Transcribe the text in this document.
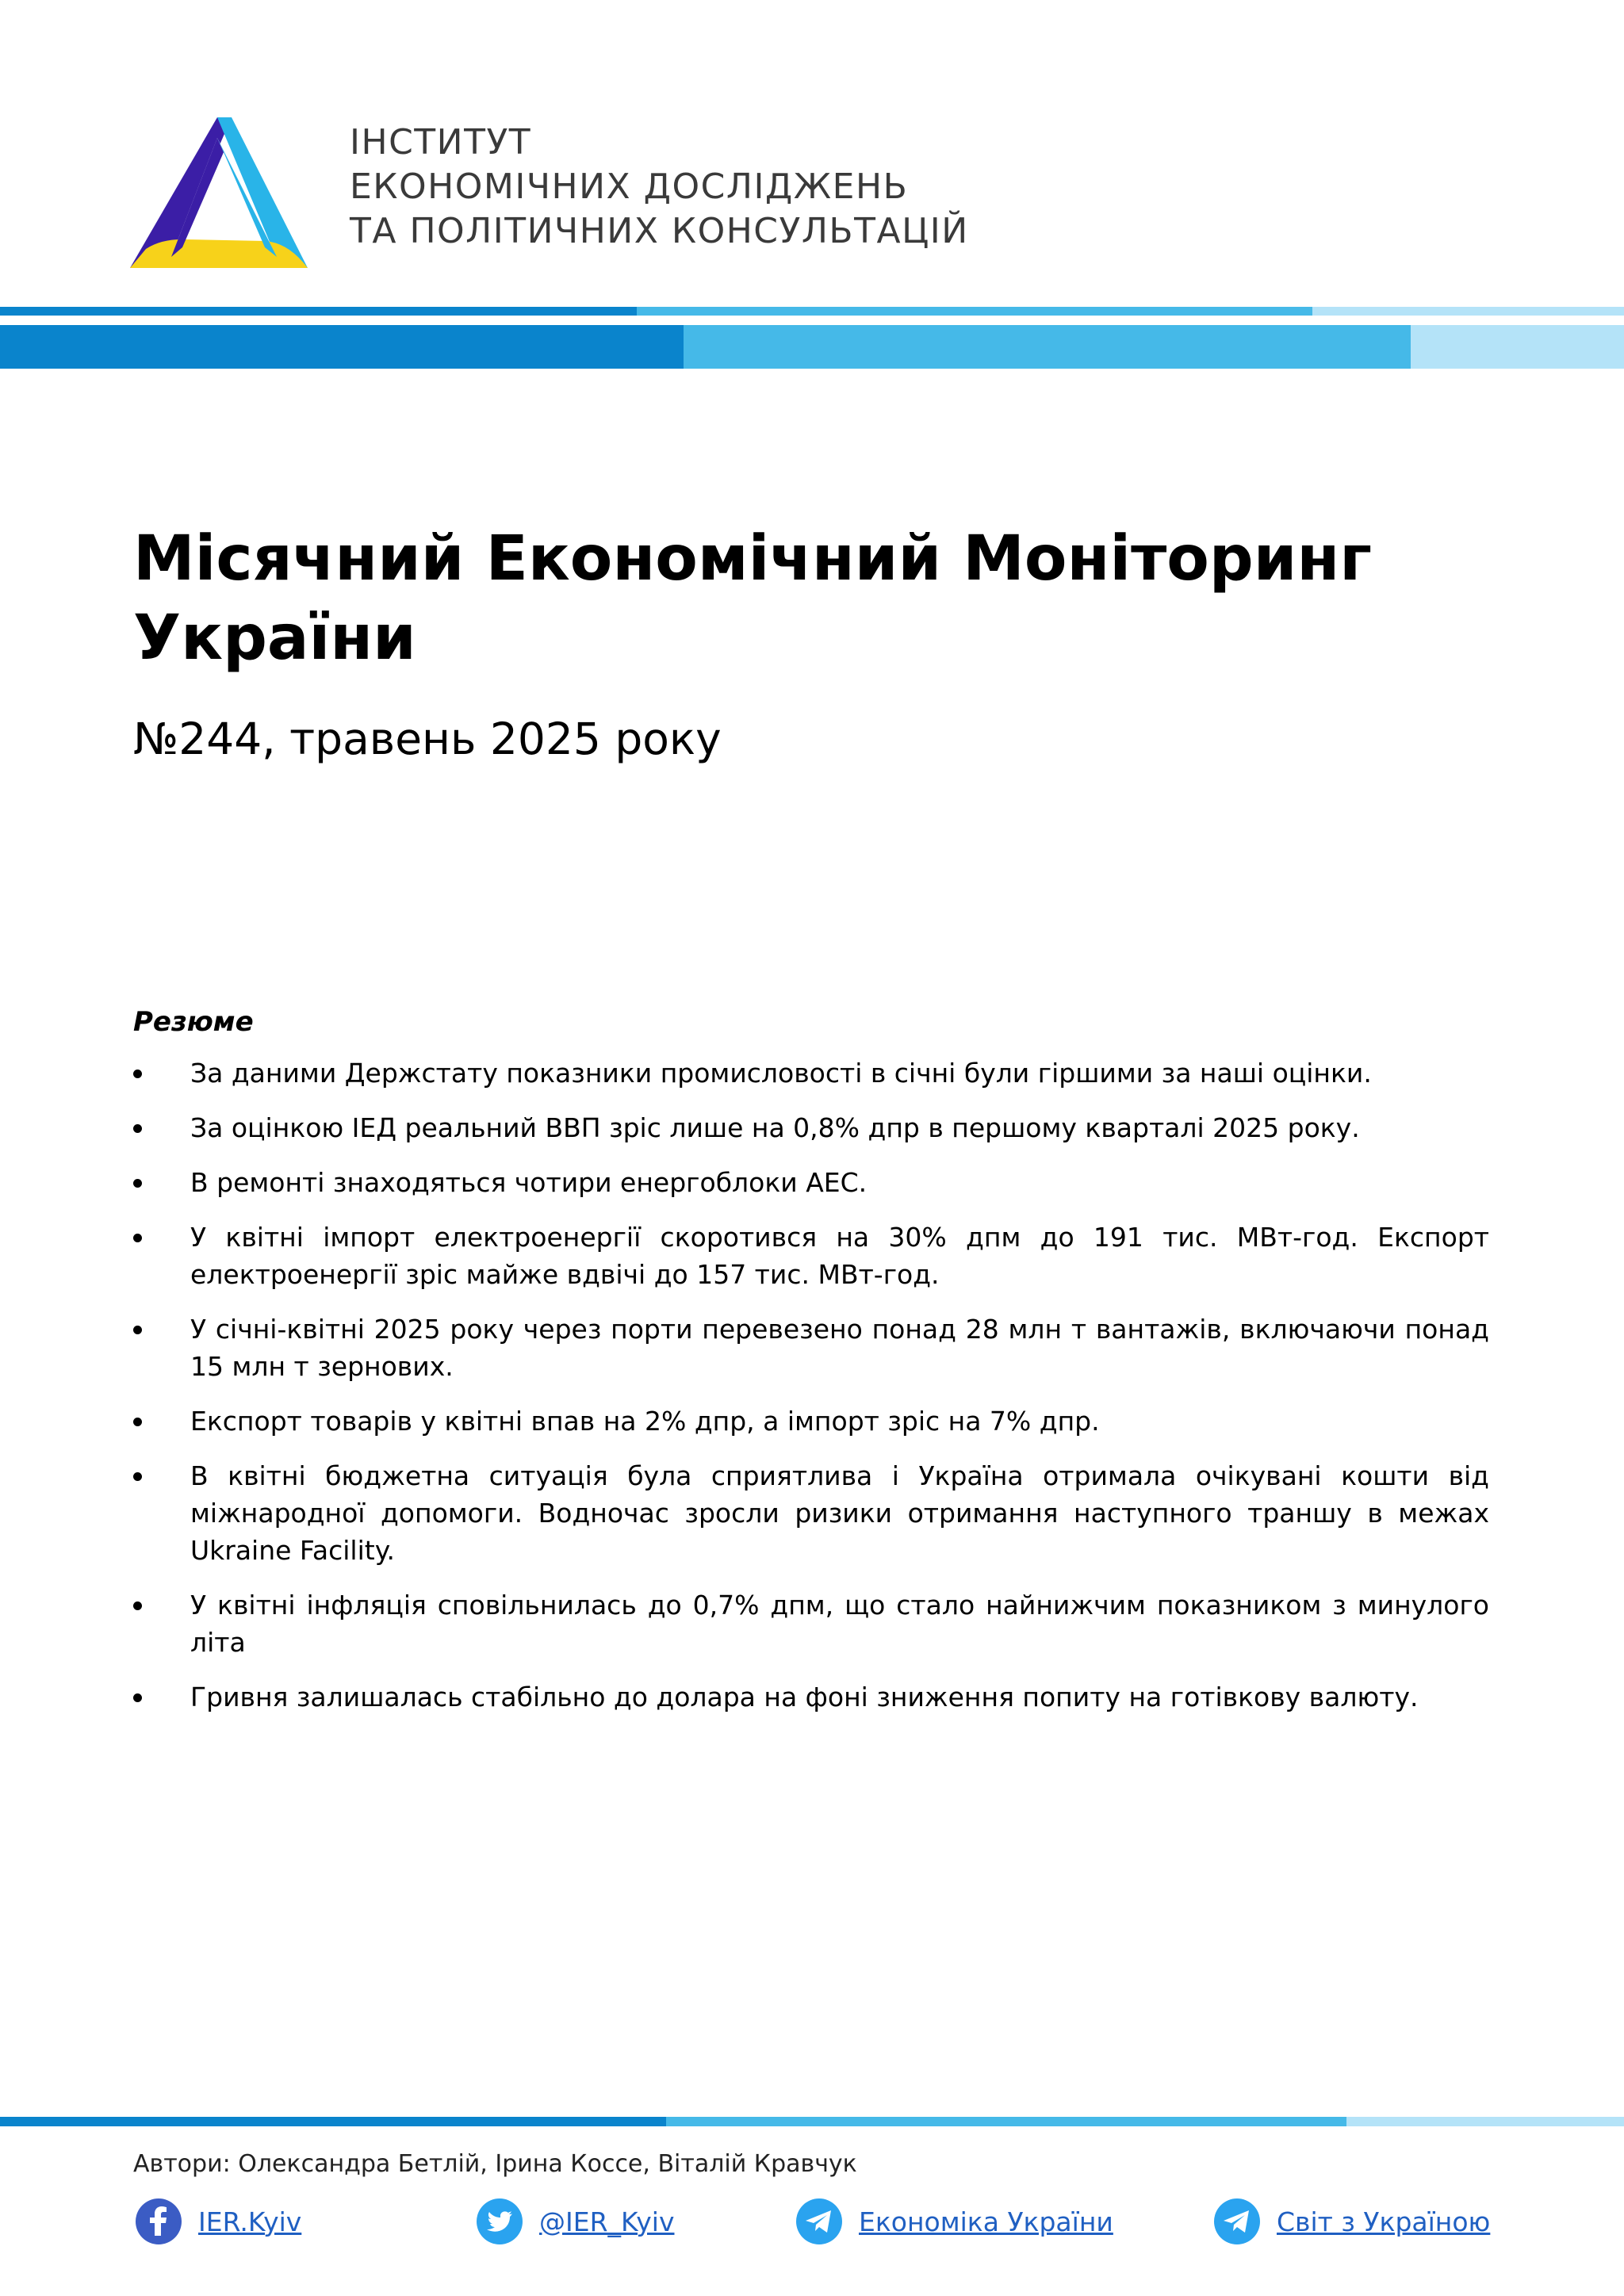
ІНСТИТУТ
ЕКОНОМІЧНИХ ДОСЛІДЖЕНЬ
ТА ПОЛІТИЧНИХ КОНСУЛЬТАЦІЙ
Місячний Економічний Моніторинг України
№244, травень 2025 року
Резюме
За даними Держстату показники промисловості в січні були гіршими за наші оцінки.
За оцінкою ІЕД реальний ВВП зріс лише на 0,8% дпр в першому кварталі 2025 року.
В ремонті знаходяться чотири енергоблоки АЕС.
У квітні імпорт електроенергії скоротився на 30% дпм до 191 тис. МВт-год. Експорт електроенергії зріс майже вдвічі до 157 тис. МВт-год.
У січні-квітні 2025 року через порти перевезено понад 28 млн т вантажів, включаючи понад 15 млн т зернових.
Експорт товарів у квітні впав на 2% дпр, а імпорт зріс на 7% дпр.
В квітні бюджетна ситуація була сприятлива і Україна отримала очікувані кошти від міжнародної допомоги. Водночас зросли ризики отримання наступного траншу в межах Ukraine Facility.
У квітні інфляція сповільнилась до 0,7% дпм, що стало найнижчим показником з минулого літа
Гривня залишалась стабільно до долара на фоні зниження попиту на готівкову валюту.
Автори: Олександра Бетлій, Ірина Коссе, Віталій Кравчук
IER.Kyiv	@IER_Kyiv	Економіка України	Світ з Україною
